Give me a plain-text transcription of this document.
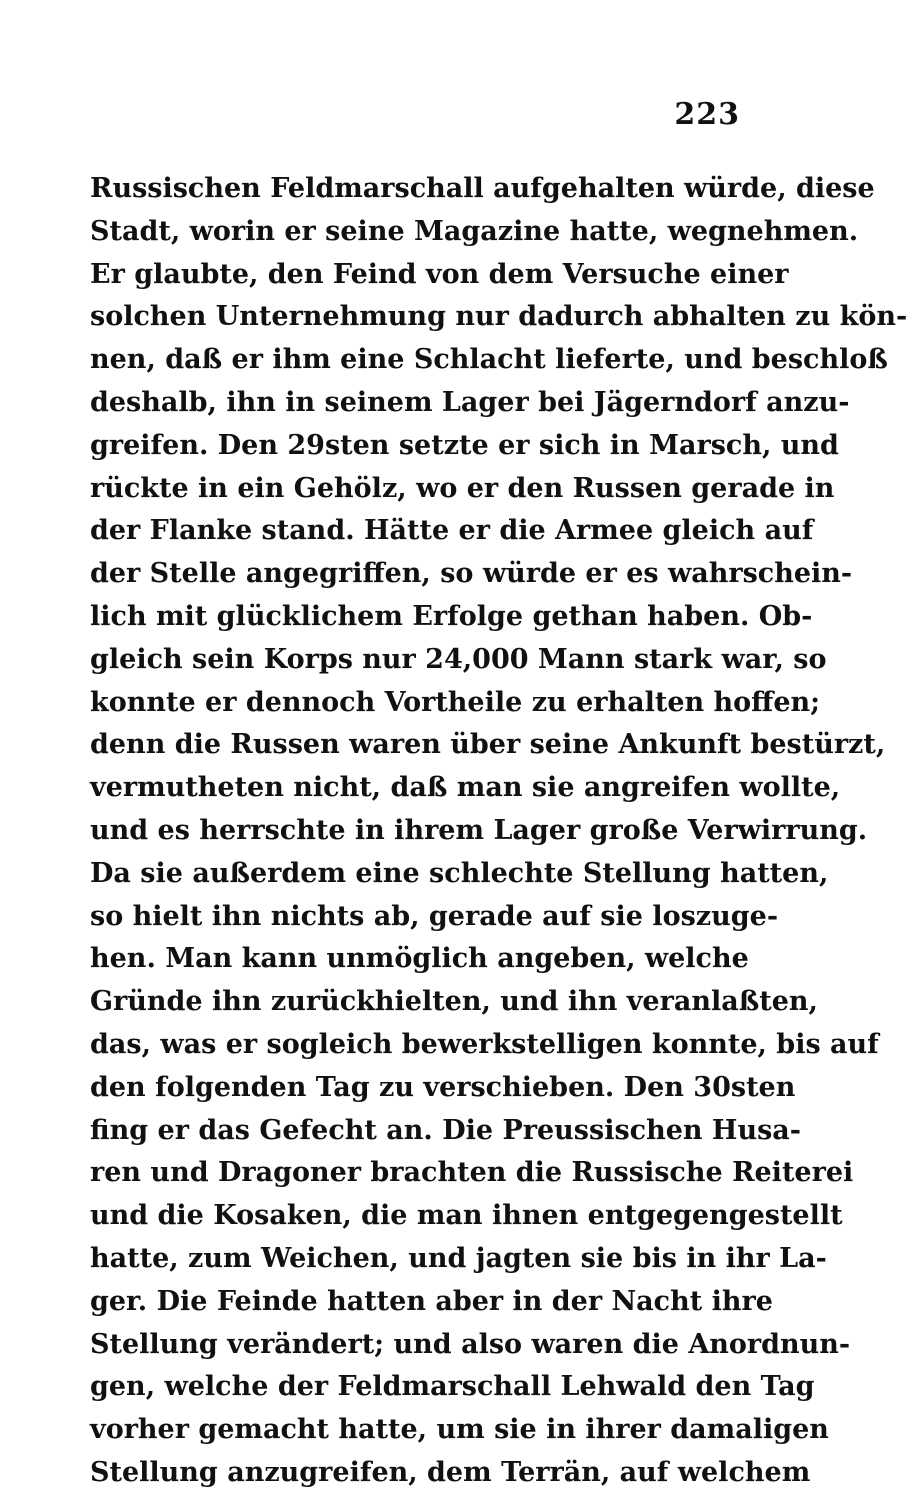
223
Russischen Feldmarschall aufgehalten würde, diese
Stadt, worin er seine Magazine hatte, wegnehmen.
Er glaubte, den Feind von dem Versuche einer
solchen Unternehmung nur dadurch abhalten zu kön-
nen, daß er ihm eine Schlacht lieferte, und beschloß
deshalb, ihn in seinem Lager bei Jägerndorf anzu-
greifen. Den 29sten setzte er sich in Marsch, und
rückte in ein Gehölz, wo er den Russen gerade in
der Flanke stand. Hätte er die Armee gleich auf
der Stelle angegriffen, so würde er es wahrschein-
lich mit glücklichem Erfolge gethan haben. Ob-
gleich sein Korps nur 24,000 Mann stark war, so
konnte er dennoch Vortheile zu erhalten hoffen;
denn die Russen waren über seine Ankunft bestürzt,
vermutheten nicht, daß man sie angreifen wollte,
und es herrschte in ihrem Lager große Verwirrung.
Da sie außerdem eine schlechte Stellung hatten,
so hielt ihn nichts ab, gerade auf sie loszuge-
hen. Man kann unmöglich angeben, welche
Gründe ihn zurückhielten, und ihn veranlaßten,
das, was er sogleich bewerkstelligen konnte, bis auf
den folgenden Tag zu verschieben. Den 30sten
fing er das Gefecht an. Die Preussischen Husa-
ren und Dragoner brachten die Russische Reiterei
und die Kosaken, die man ihnen entgegengestellt
hatte, zum Weichen, und jagten sie bis in ihr La-
ger. Die Feinde hatten aber in der Nacht ihre
Stellung verändert; und also waren die Anordnun-
gen, welche der Feldmarschall Lehwald den Tag
vorher gemacht hatte, um sie in ihrer damaligen
Stellung anzugreifen, dem Terrän, auf welchem
